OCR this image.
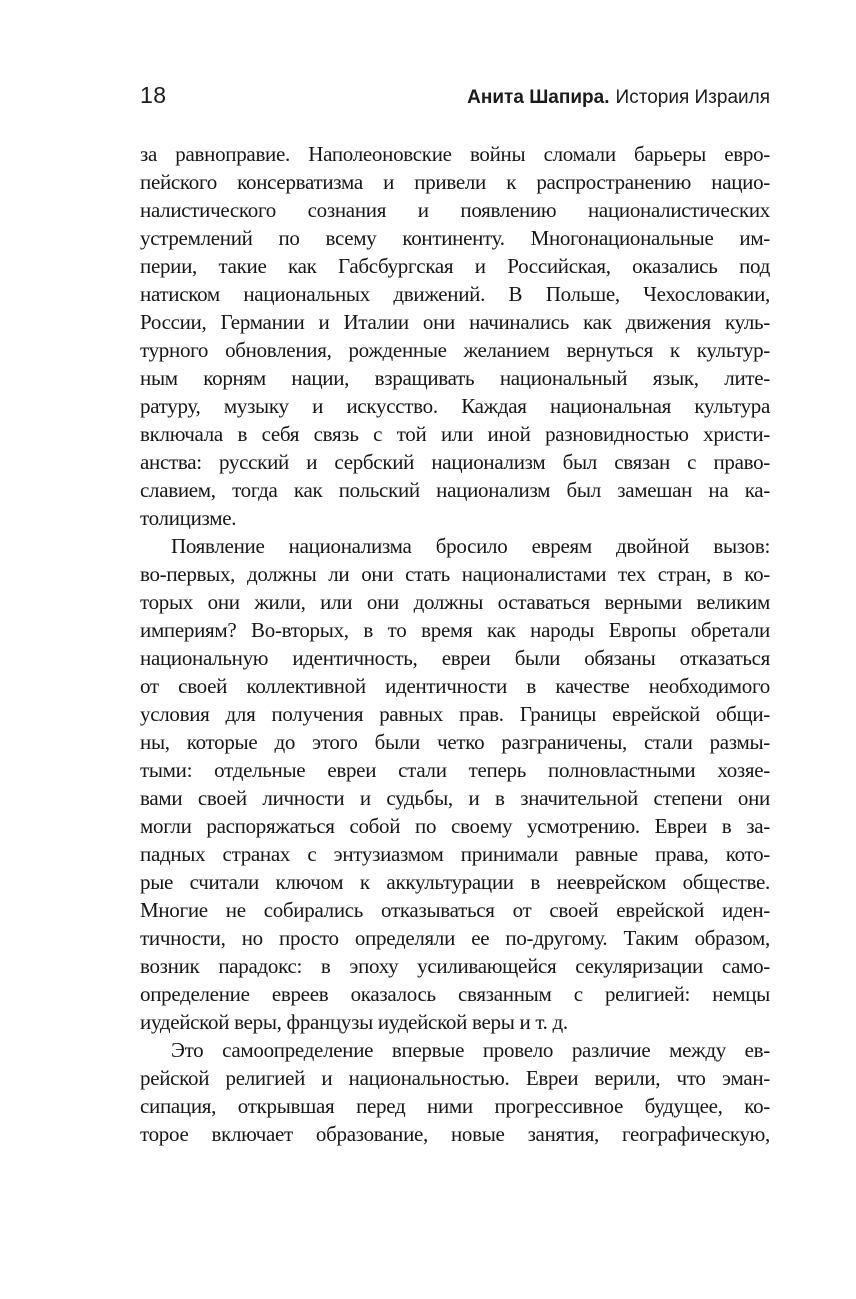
18	Анита Шапира. История Израиля
за равноправие. Наполеоновские войны сломали барьеры евро-
пейского консерватизма и привели к распространению нацио-
налистического сознания и появлению националистических
устремлений по всему континенту. Многонациональные им-
перии, такие как Габсбургская и Российская, оказались под
натиском национальных движений. В Польше, Чехословакии,
России, Германии и Италии они начинались как движения куль-
турного обновления, рожденные желанием вернуться к культур-
ным корням нации, взращивать национальный язык, лите-
ратуру, музыку и искусство. Каждая национальная культура
включала в себя связь с той или иной разновидностью христи-
анства: русский и сербский национализм был связан с право-
славием, тогда как польский национализм был замешан на ка-
толицизме.
Появление национализма бросило евреям двойной вызов:
во-первых, должны ли они стать националистами тех стран, в ко-
торых они жили, или они должны оставаться верными великим
империям? Во-вторых, в то время как народы Европы обретали
национальную идентичность, евреи были обязаны отказаться
от своей коллективной идентичности в качестве необходимого
условия для получения равных прав. Границы еврейской общи-
ны, которые до этого были четко разграничены, стали размы-
тыми: отдельные евреи стали теперь полновластными хозяе-
вами своей личности и судьбы, и в значительной степени они
могли распоряжаться собой по своему усмотрению. Евреи в за-
падных странах с энтузиазмом принимали равные права, кото-
рые считали ключом к аккультурации в нееврейском обществе.
Многие не собирались отказываться от своей еврейской иден-
тичности, но просто определяли ее по-другому. Таким образом,
возник парадокс: в эпоху усиливающейся секуляризации само-
определение евреев оказалось связанным с религией: немцы
иудейской веры, французы иудейской веры и т. д.
Это самоопределение впервые провело различие между ев-
рейской религией и национальностью. Евреи верили, что эман-
сипация, открывшая перед ними прогрессивное будущее, ко-
торое включает образование, новые занятия, географическую,
